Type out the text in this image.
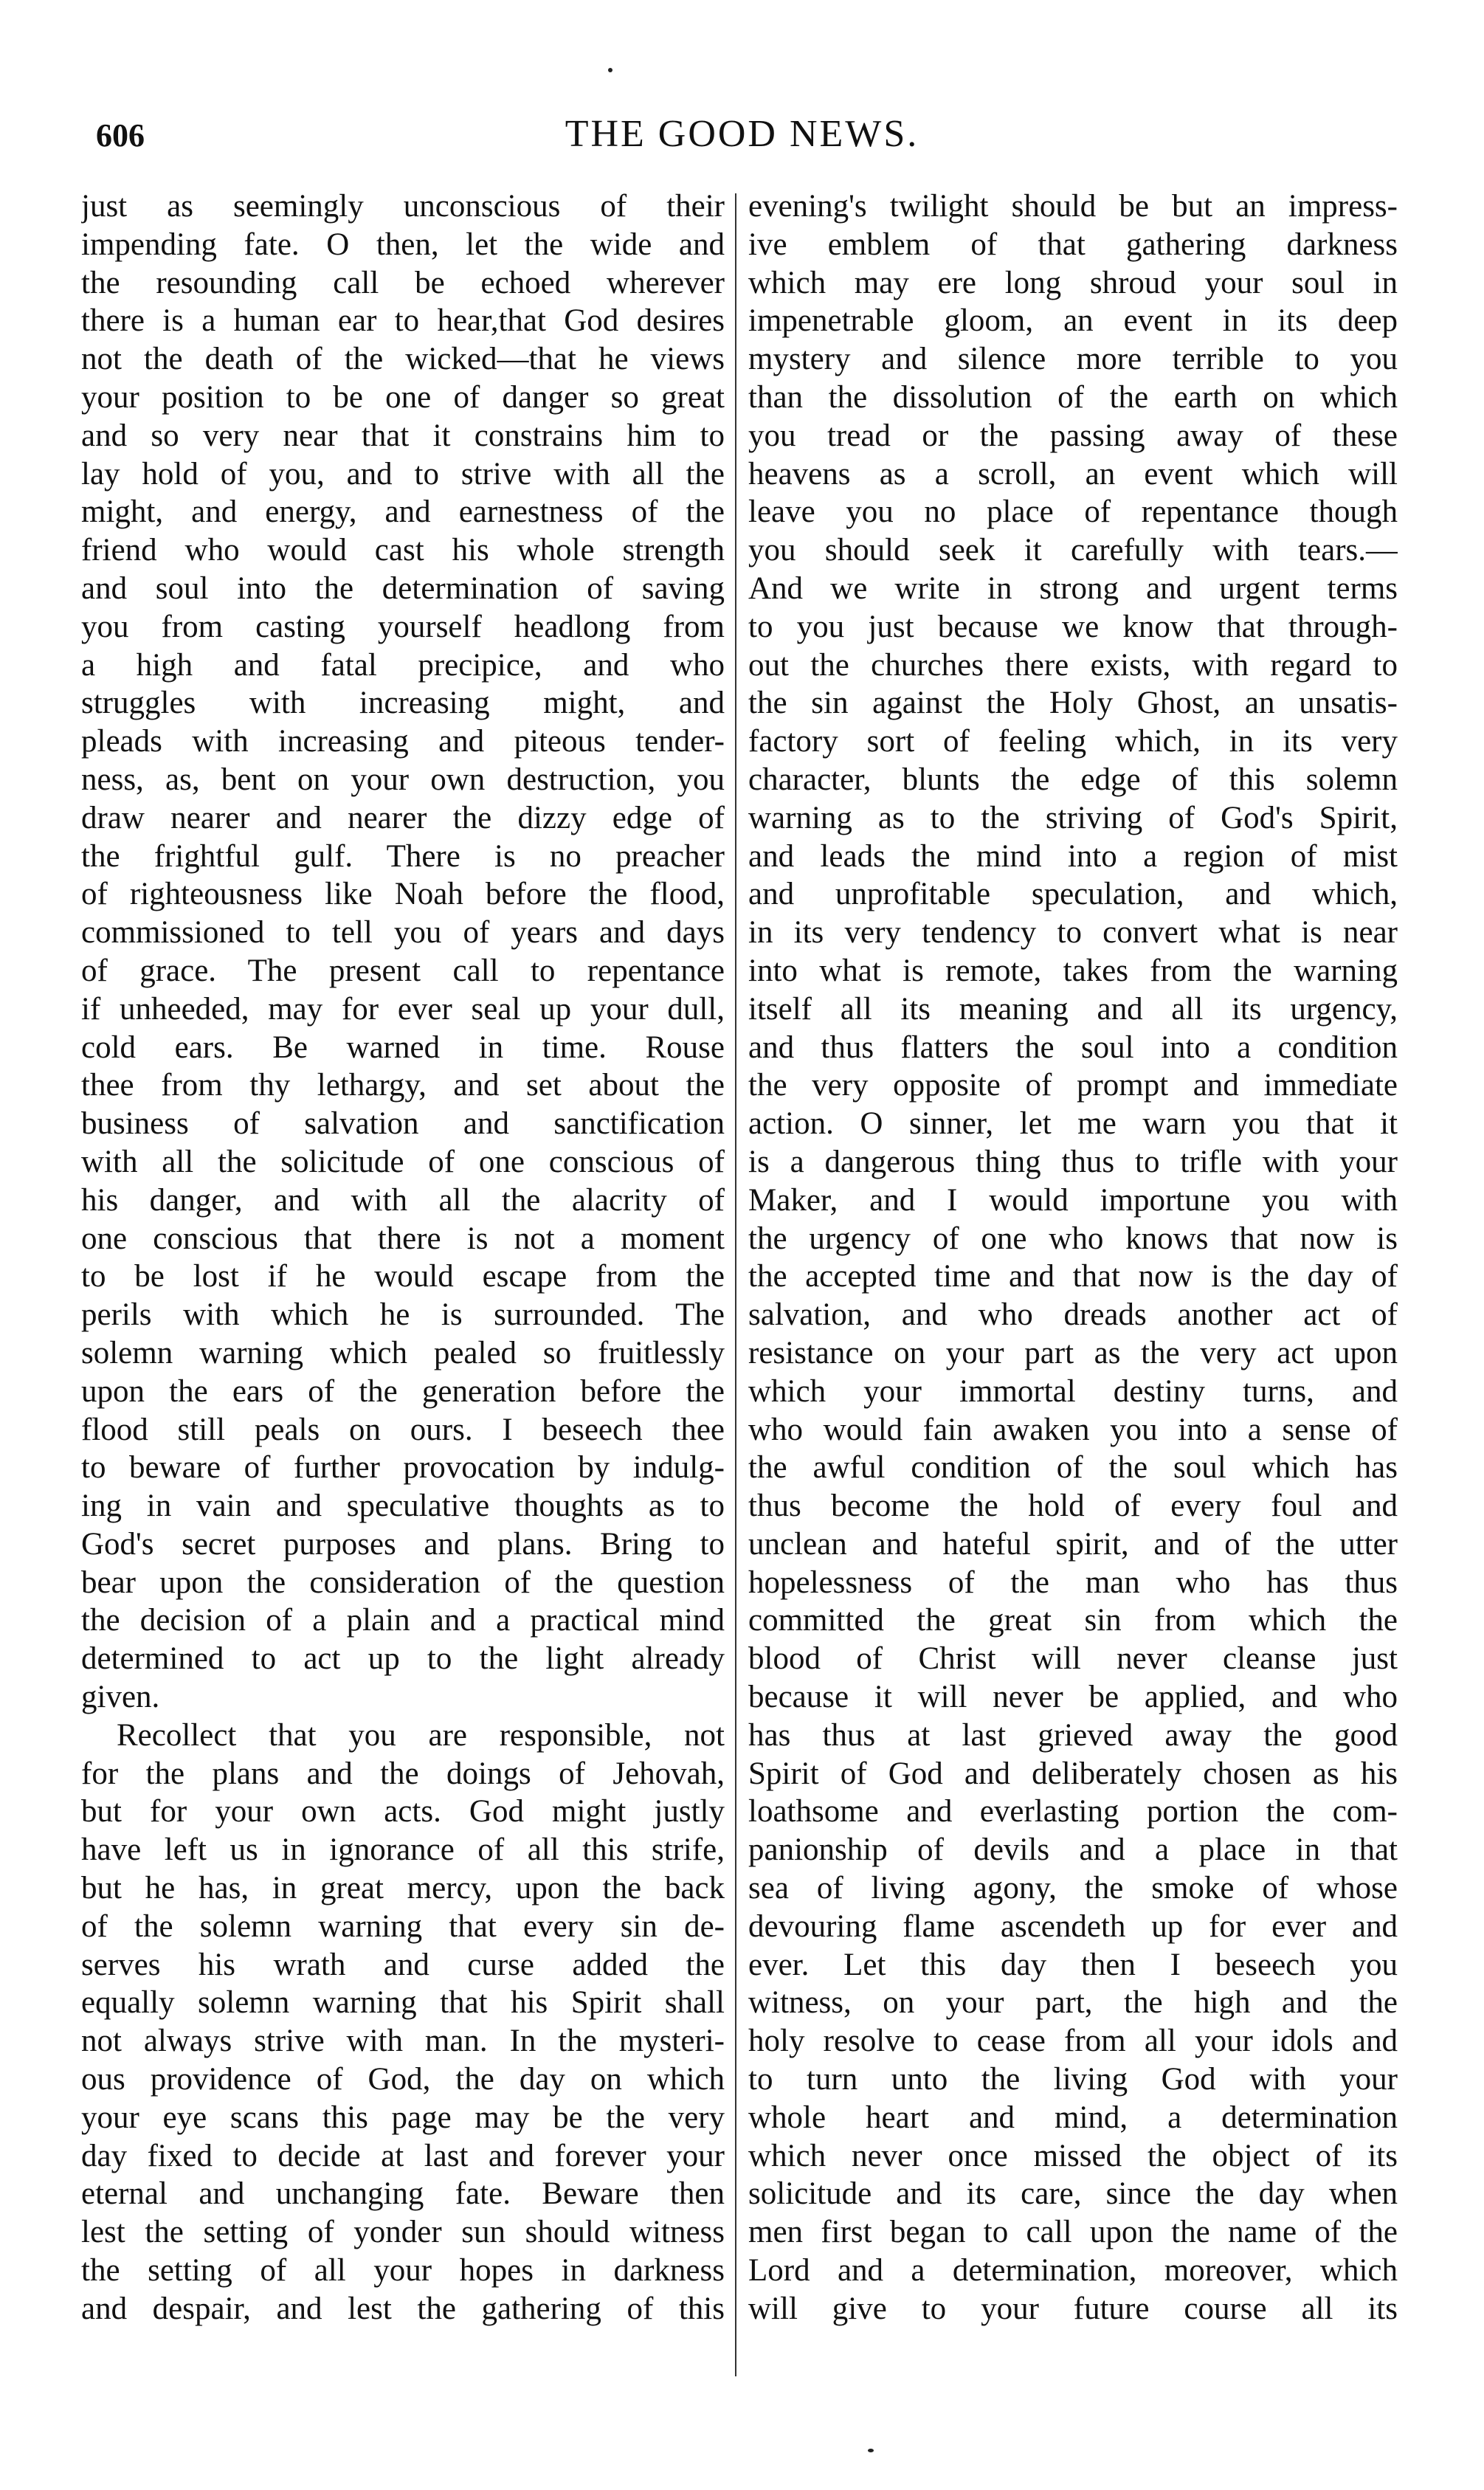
606	THE GOOD NEWS.
just as seemingly unconscious of their
impending fate. O then, let the wide and
the resounding call be echoed wherever
there is a human ear to hear,that God desires
not the death of the wicked—that he views
your position to be one of danger so great
and so very near that it constrains him to
lay hold of you, and to strive with all the
might, and energy, and earnestness of the
friend who would cast his whole strength
and soul into the determination of saving
you from casting yourself headlong from
a high and fatal precipice, and who
struggles with increasing might, and
pleads with increasing and piteous tender-
ness, as, bent on your own destruction, you
draw nearer and nearer the dizzy edge of
the frightful gulf. There is no preacher
of righteousness like Noah before the flood,
commissioned to tell you of years and days
of grace. The present call to repentance
if unheeded, may for ever seal up your dull,
cold ears. Be warned in time. Rouse
thee from thy lethargy, and set about the
business of salvation and sanctification
with all the solicitude of one conscious of
his danger, and with all the alacrity of
one conscious that there is not a moment
to be lost if he would escape from the
perils with which he is surrounded. The
solemn warning which pealed so fruitlessly
upon the ears of the generation before the
flood still peals on ours. I beseech thee
to beware of further provocation by indulg-
ing in vain and speculative thoughts as to
God's secret purposes and plans. Bring to
bear upon the consideration of the question
the decision of a plain and a practical mind
determined to act up to the light already
given.
Recollect that you are responsible, not
for the plans and the doings of Jehovah,
but for your own acts. God might justly
have left us in ignorance of all this strife,
but he has, in great mercy, upon the back
of the solemn warning that every sin de-
serves his wrath and curse added the
equally solemn warning that his Spirit shall
not always strive with man. In the mysteri-
ous providence of God, the day on which
your eye scans this page may be the very
day fixed to decide at last and forever your
eternal and unchanging fate. Beware then
lest the setting of yonder sun should witness
the setting of all your hopes in darkness
and despair, and lest the gathering of this
evening's twilight should be but an impress-
ive emblem of that gathering darkness
which may ere long shroud your soul in
impenetrable gloom, an event in its deep
mystery and silence more terrible to you
than the dissolution of the earth on which
you tread or the passing away of these
heavens as a scroll, an event which will
leave you no place of repentance though
you should seek it carefully with tears.—
And we write in strong and urgent terms
to you just because we know that through-
out the churches there exists, with regard to
the sin against the Holy Ghost, an unsatis-
factory sort of feeling which, in its very
character, blunts the edge of this solemn
warning as to the striving of God's Spirit,
and leads the mind into a region of mist
and unprofitable speculation, and which,
in its very tendency to convert what is near
into what is remote, takes from the warning
itself all its meaning and all its urgency,
and thus flatters the soul into a condition
the very opposite of prompt and immediate
action. O sinner, let me warn you that it
is a dangerous thing thus to trifle with your
Maker, and I would importune you with
the urgency of one who knows that now is
the accepted time and that now is the day of
salvation, and who dreads another act of
resistance on your part as the very act upon
which your immortal destiny turns, and
who would fain awaken you into a sense of
the awful condition of the soul which has
thus become the hold of every foul and
unclean and hateful spirit, and of the utter
hopelessness of the man who has thus
committed the great sin from which the
blood of Christ will never cleanse just
because it will never be applied, and who
has thus at last grieved away the good
Spirit of God and deliberately chosen as his
loathsome and everlasting portion the com-
panionship of devils and a place in that
sea of living agony, the smoke of whose
devouring flame ascendeth up for ever and
ever. Let this day then I beseech you
witness, on your part, the high and the
holy resolve to cease from all your idols and
to turn unto the living God with your
whole heart and mind, a determination
which never once missed the object of its
solicitude and its care, since the day when
men first began to call upon the name of the
Lord and a determination, moreover, which
will give to your future course all its
